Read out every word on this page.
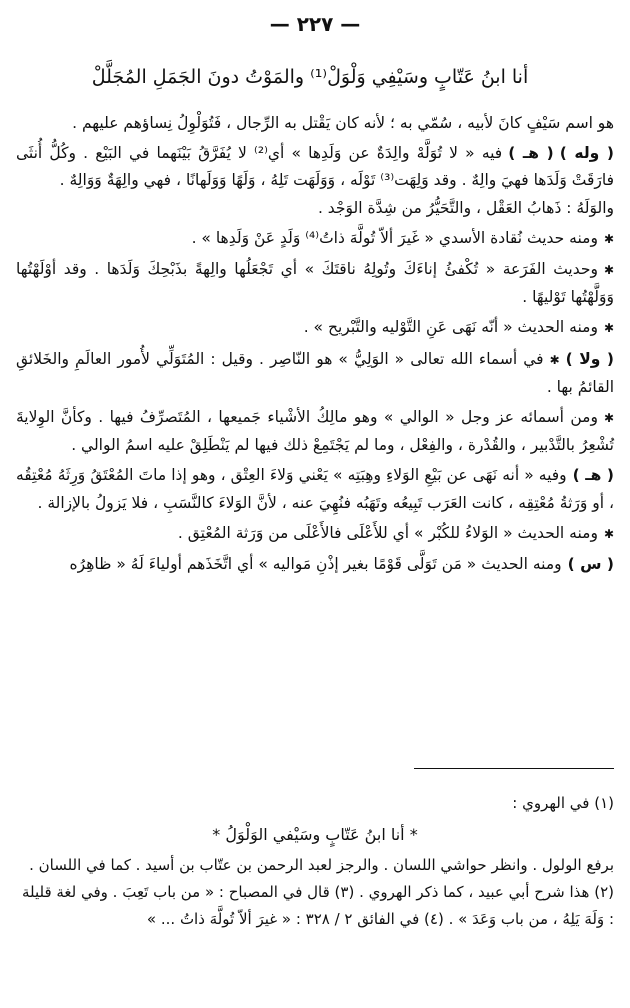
— ٢٢٧ —
أنا ابنُ عَتّابٍ وسَيْفِي وَلْوَلْ⁽¹⁾ والمَوْتُ دونَ الجَمَلِ المُجَلَّلْ

هو اسم سَيْفٍ كانَ لأبيه ، سُمّي به ؛ لأنه كان يَقْتل به الرِّجال ، فَتُوَلْوِلُ نِساؤهم عليهم .

( وله )( هـ )فيه « لا تُوَلَّهْ والِدَةٌ عن وَلَدِها » أي⁽²⁾ لا يُفَرَّقُ بَيْنَهما في البَيْع . وكُلُّ أُنثَى فارَقَتْ وَلَدَها فهيَ والِهٌ . وقد وَلِهَت⁽³⁾ تَوْلَه ، وَوَلَهَت تَلِهُ ، وَلَهًا وَوَلَهانًا ، فهي والِهَةٌ وَوَالِهٌ .

والوَلَهُ : ذَهابُ العَقْل ، والتَّحَيُّرُ من شِدَّة الوَجْد .

✱ومنه حديث نُقادة الأسدي « غَيرَ ألاّ تُولَّهَ ذاتُ⁽⁴⁾ وَلَدٍ عَنْ وَلَدِها » .

✱وحديث الفَرَعة « تُكْفئُ إناءَكَ وتُولِهُ ناقتَكَ » أي تَجْعَلُها والِهةً بذَبْحِكَ وَلَدَها . وقد أوْلَهْتُها وَوَلَّهْتُها تَوْليهًا .

✱ومنه الحديث « أنّه نَهَى عَنِ التَّوْليه والتَّبْريح » .

( ولا )✱في أسماء الله تعالى « الوَلِيُّ » هو النّاصِر . وقيل : المُتَوَلِّي لأُمور العالَمِ والخَلائقِ القائمُ بها .

✱ومن أسمائه عز وجل « الوالي » وهو مالِكُ الأشْياء جَميعها ، المُتَصرِّفُ فيها . وكأنَّ الوِلايةَ تُشْعِرُ بالتَّدْبير ، والقُدْرة ، والفِعْل ، وما لم يَجْتَمِعْ ذلك فيها لم يَنْطَلِقْ عليه اسمُ الوالي .

( هـ )وفيه « أنه نَهَى عن بَيْعِ الوَلاءِ وهِبَتِه » يَعْني وَلاءَ العِتْق ، وهو إذا ماتَ المُعْتَقُ وَرِثَهُ مُعْتِقُه ، أو وَرَثةُ مُعْتِقِه ، كانت العَرَب تَبِيعُه وتَهَبُه فنُهِيَ عنه ، لأنَّ الوَلاءَ كالنَّسَبِ ، فلا يَزولُ بالإزالة .

✱ومنه الحديث « الوَلاءُ للكُبْر » أي للأَعْلَى فالأَعْلَى من وَرَثة المُعْتِق .

( س )ومنه الحديث « مَن تَوَلَّى قَوْمًا بغير إذْنِ مَواليه » أي اتَّخَذَهم أولياءَ لَهُ « ظاهِرُه

(١) في الهروي :

* أنا ابنُ عَتّابٍ وسَيْفي الوَلْوَلُ *

برفع الولول . وانظر حواشي اللسان . والرجز لعبد الرحمن بن عتّاب بن أسيد . كما في اللسان .

(٢) هذا شرح أبي عبيد ، كما ذكر الهروي . (٣) قال في المصباح : « من باب تَعِبَ . وفي لغة قليلة : وَلَهَ يَلِهُ ، من باب وَعَدَ » . (٤) في الفائق ٢ / ٣٢٨ : « غيرَ ألاّ تُولَّهَ ذاتُ ... »
